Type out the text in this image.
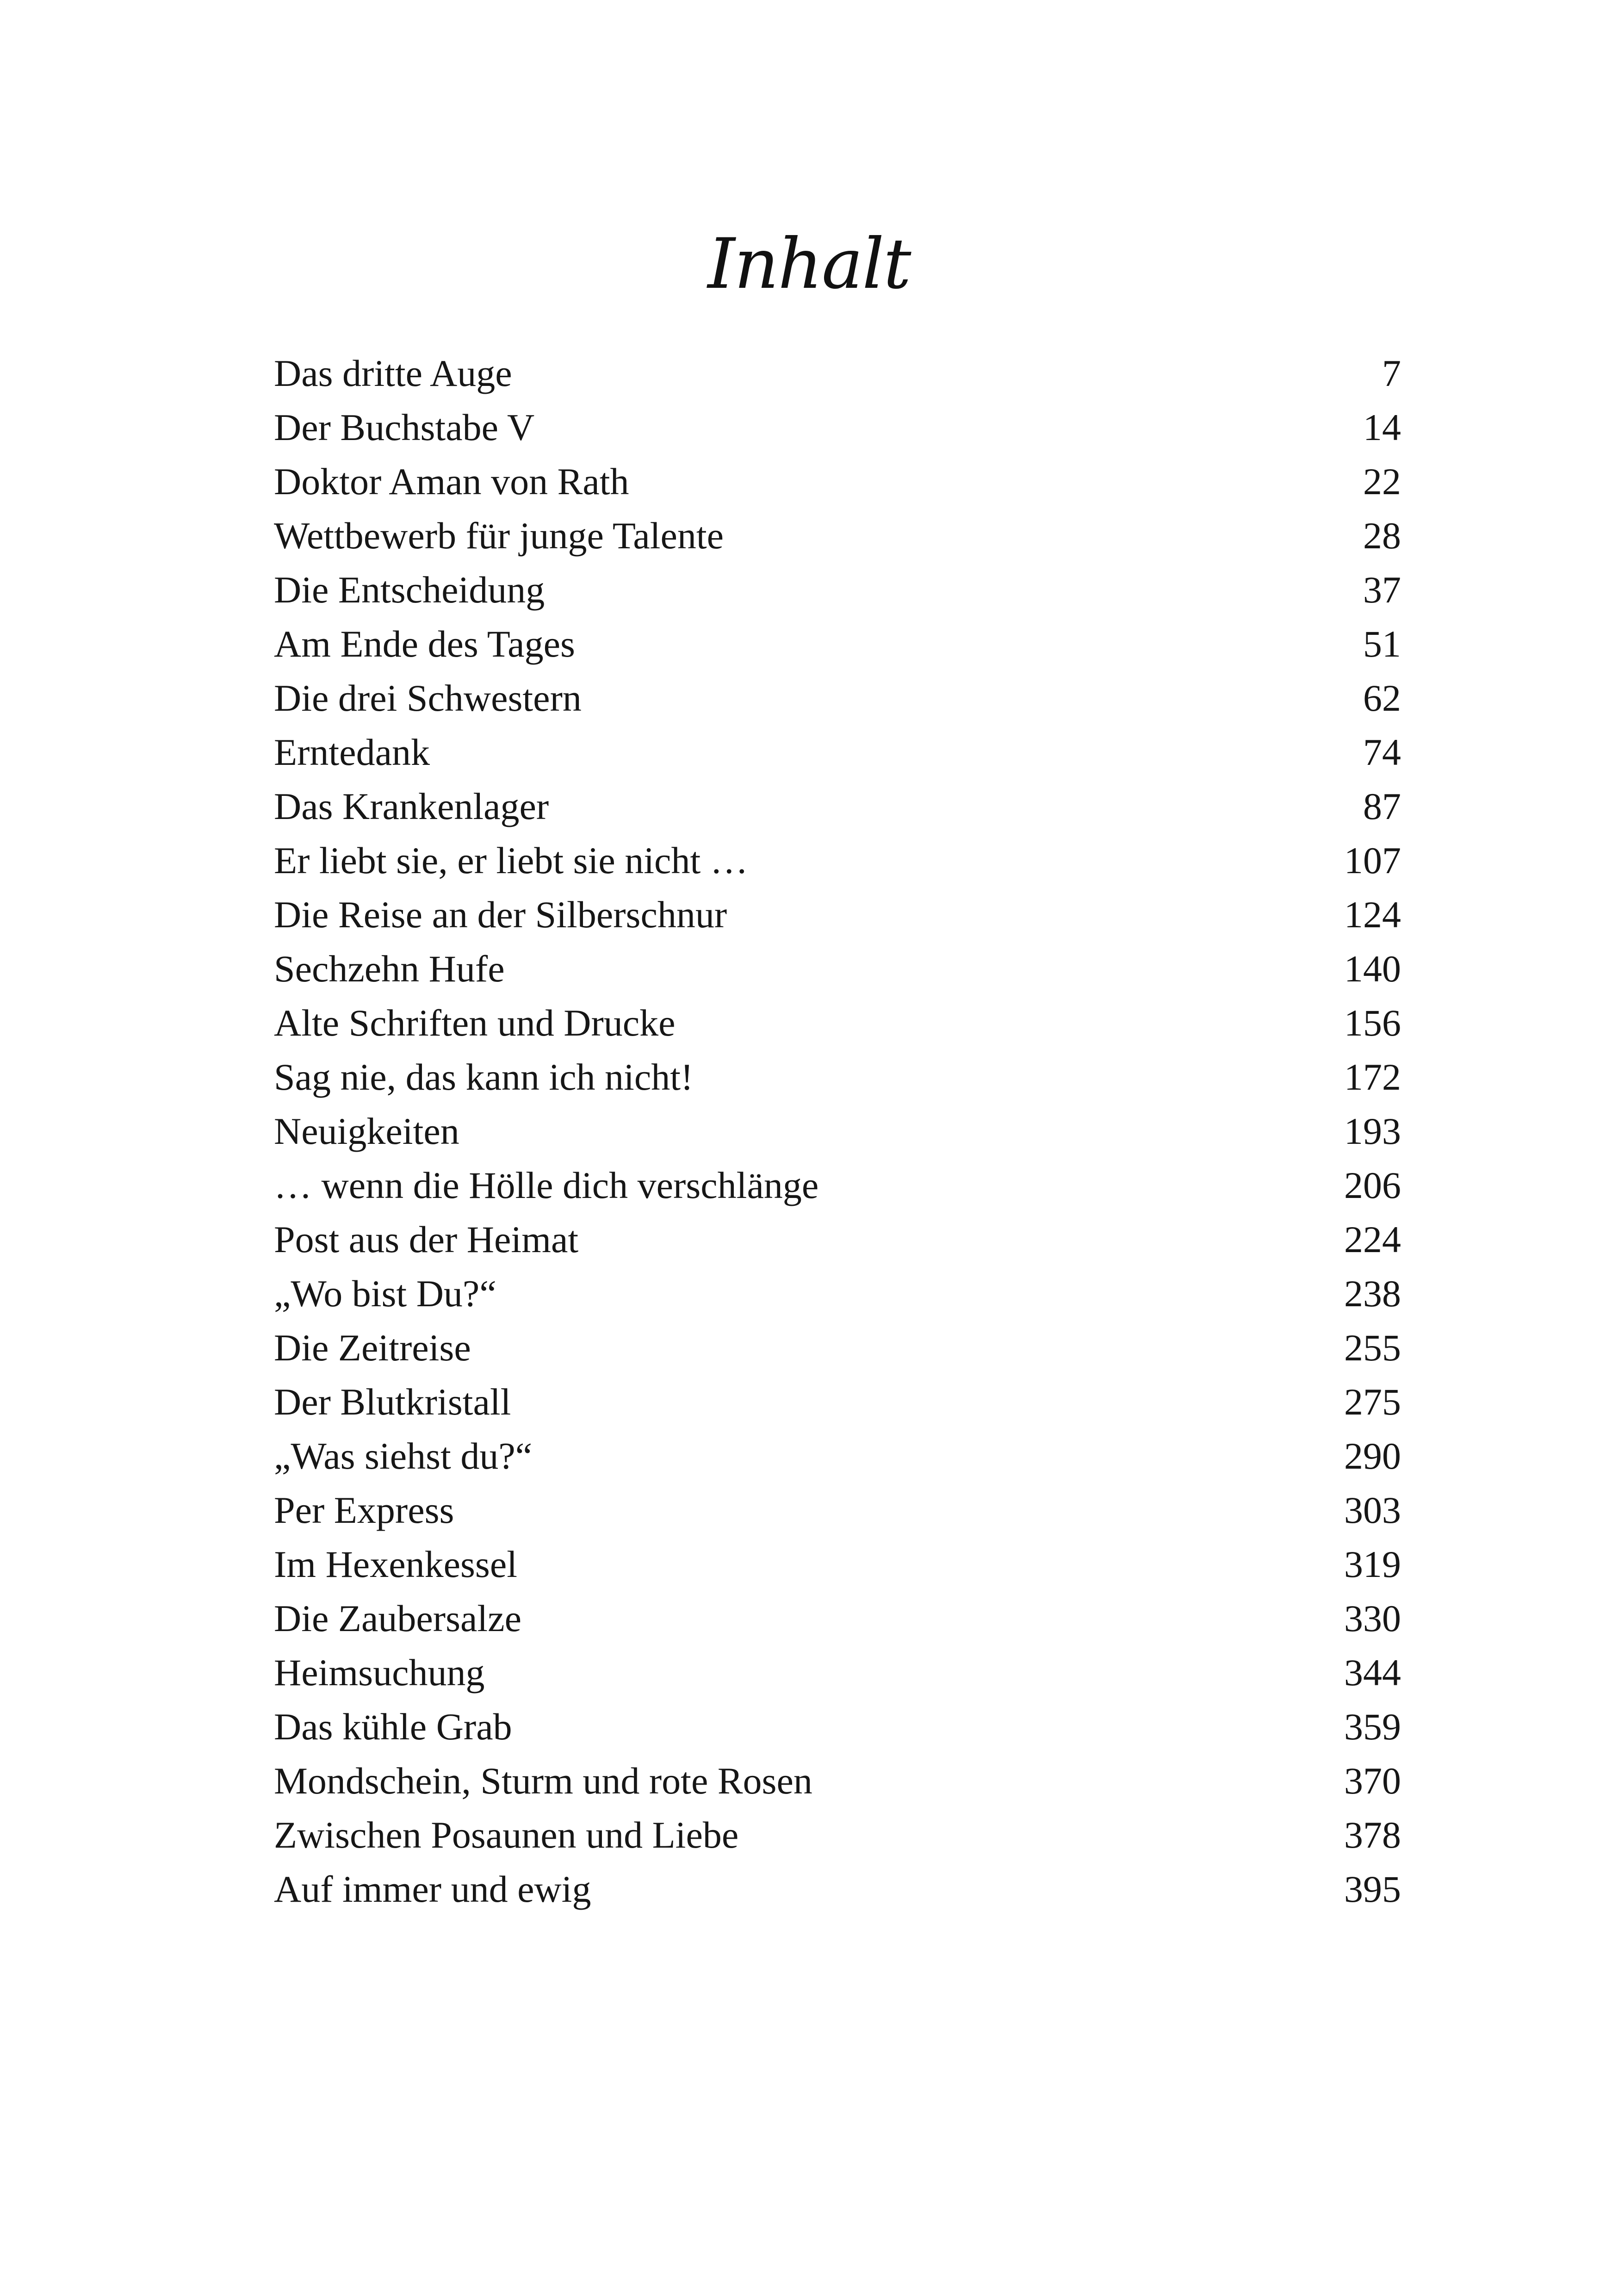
Inhalt
Das dritte Auge	7
Der Buchstabe V	14
Doktor Aman von Rath	22
Wettbewerb für junge Talente	28
Die Entscheidung	37
Am Ende des Tages	51
Die drei Schwestern	62
Erntedank	74
Das Krankenlager	87
Er liebt sie, er liebt sie nicht …	107
Die Reise an der Silberschnur	124
Sechzehn Hufe	140
Alte Schriften und Drucke	156
Sag nie, das kann ich nicht!	172
Neuigkeiten	193
… wenn die Hölle dich verschlänge	206
Post aus der Heimat	224
„Wo bist Du?“	238
Die Zeitreise	255
Der Blutkristall	275
„Was siehst du?“	290
Per Express	303
Im Hexenkessel	319
Die Zaubersalze	330
Heimsuchung	344
Das kühle Grab	359
Mondschein, Sturm und rote Rosen	370
Zwischen Posaunen und Liebe	378
Auf immer und ewig	395
